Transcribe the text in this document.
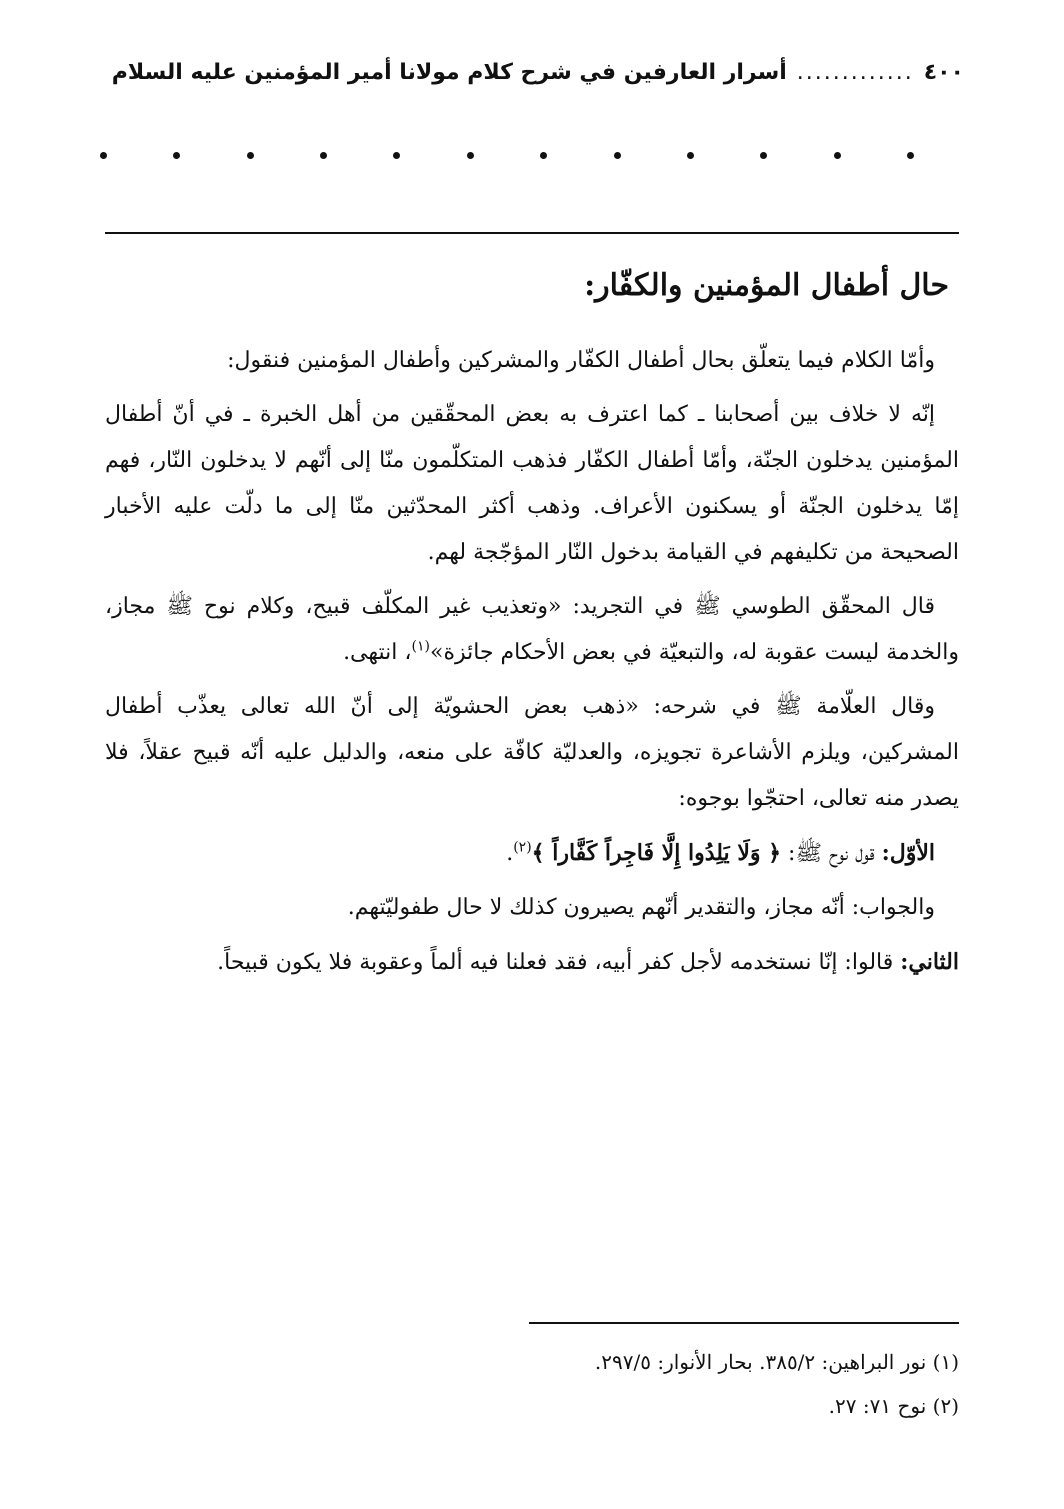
٤٠٠
.............
أسرار العارفين في شرح كلام مولانا أمير المؤمنين عليه السلام
حال أطفال المؤمنين والكفّار:

وأمّا الكلام فيما يتعلّق بحال أطفال الكفّار والمشركين وأطفال المؤمنين فنقول:

إنّه لا خلاف بين أصحابنا ـ كما اعترف به بعض المحقّقين من أهل الخبرة ـ في أنّ أطفال المؤمنين يدخلون الجنّة، وأمّا أطفال الكفّار فذهب المتكلّمون منّا إلى أنّهم لا يدخلون النّار، فهم إمّا يدخلون الجنّة أو يسكنون الأعراف. وذهب أكثر المحدّثين منّا إلى ما دلّت عليه الأخبار الصحيحة من تكليفهم في القيامة بدخول النّار المؤجّجة لهم.

قال المحقّق الطوسي ﷺ في التجريد: «وتعذيب غير المكلّف قبيح، وكلام نوح ﷺ مجاز، والخدمة ليست عقوبة له، والتبعيّة في بعض الأحكام جائزة»$^{(١)}$، انتهى.

وقال العلّامة ﷺ في شرحه: «ذهب بعض الحشويّة إلى أنّ الله تعالى يعذّب أطفال المشركين، ويلزم الأشاعرة تجويزه، والعدليّة كافّة على منعه، والدليل عليه أنّه قبيح عقلاً، فلا يصدر منه تعالى، احتجّوا بوجوه:

الأوّل: قول نوح ﷺ: ﴿ وَلَا يَلِدُوا إِلَّا فَاجِراً كَفَّاراً ﴾$^{(٢)}$.

والجواب: أنّه مجاز، والتقدير أنّهم يصيرون كذلك لا حال طفوليّتهم.

الثاني: قالوا: إنّا نستخدمه لأجل كفر أبيه، فقد فعلنا فيه ألماً وعقوبة فلا يكون قبيحاً.

(١) نور البراهين: ٣٨٥/٢. بحار الأنوار: ٢٩٧/٥.
(٢) نوح ٧١: ٢٧.
